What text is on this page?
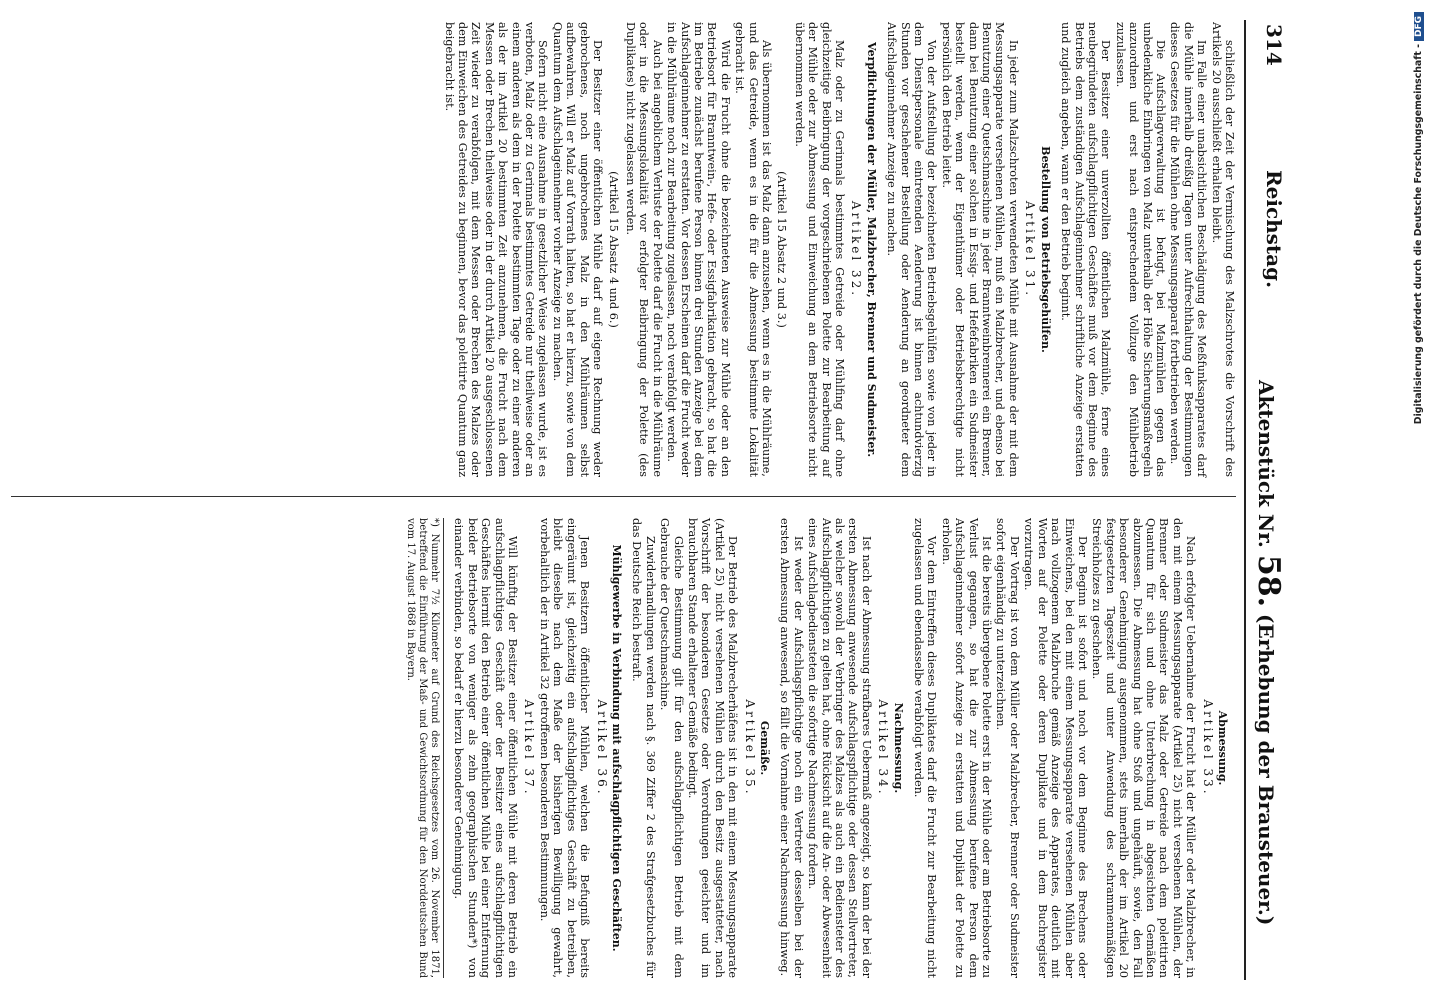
314
Reichstag.
Aktenstück Nr. 58. (Erhebung der Brausteuer.)

schließlich der Zeit der Vermischung des Malzschrotes die Vorschrift des Artikels 20 ausschließt erhalten bleibt.

Im Falle einer unabsichtlichen Beschädigung des Meßfunksapparates darf die Mühle innerhalb dreißig Tagen unter Aufrechthaltung der Bestimmungen dieses Gesetzes für die Mühlen ohne Messungsapparat fortbetrieben werden.

Die Aufschlagverwaltung ist befugt, bei Malzmühlen gegen das unbedenkliche Einbringen von Malz unterhalb der Höhe Sicherungsmaßregeln anzuordnen und erst nach entsprechendem Vollzuge den Mühlbetrieb zuzulassen.

Der Besitzer einer unverzollten öffentlichen Malzmühle, ferne eines neubegründeten aufschlagpflichtigen Geschäftes muß vor dem Beginne des Betriebs dem zuständigen Aufschlageinnehmer schriftliche Anzeige erstatten und zugleich angeben, wann er den Betrieb beginnt.

Bestellung von Betriebsgehülfen.
Artikel 31.

In jeder zum Malzschroten verwendeten Mühle mit Ausnahme der mit dem Messungsapparate versehenen Mühlen, muß ein Malzbrecher, und ebenso bei Benutzung einer Quetschmaschine in jeder Branntweinbrennerei ein Brenner, dann bei Benutzung einer solchen in Essig- und Hefefabriken ein Sudmeister bestellt werden, wenn der Eigenthümer oder Betriebsberechtigte nicht persönlich den Betrieb leitet.

Von der Aufstellung der bezeichneten Betriebsgehülfen sowie von jeder in dem Dienstpersonale eintretenden Aenderung ist binnen achtundvierzig Stunden vor geschehener Bestellung oder Aenderung an geordneter dem Aufschlageinnehmer Anzeige zu machen.

Verpflichtungen der Müller, Malzbrecher, Brenner und Sudmeister.
Artikel 32.

Malz oder zu Gerinnals bestimmtes Getreide oder Mühlfing darf ohne gleichzeitige Beibringung der vorgeschriebenen Polette zur Bearbeitung auf der Mühle oder zur Abmessung und Einweichung an dem Betriebsorte nicht übernommen werden.

(Artikel 15 Absatz 2 und 3.)

Als übernommen ist das Malz dann anzusehen, wenn es in die Mühlräume, und das Getreide, wenn es in die für die Abmessung bestimmte Lokalität gebracht ist.

Wird die Frucht ohne die bezeichneten Ausweise zur Mühle oder an den Betriebsort für Branntwein-, Hefe- oder Essigfabrikation gebracht, so hat die im Betriebe zunächst berufene Person binnen drei Stunden Anzeige bei dem Aufschlageinnehmer zu erstatten. Vor dessen Erscheinen darf die Frucht weder in die Mühlräume noch zur Bearbeitung zugelassen, noch verabfolgt werden.

Auch bei angeblichem Verluste der Polette darf die Frucht in die Mühlräume oder in die Messungslokalität vor erfolgter Beibringung der Polette (des Duplikates) nicht zugelassen werden.

(Artikel 15 Absatz 4 und 6.)

Der Besitzer einer öffentlichen Mühle darf auf eigene Rechnung weder gebrochenes, noch ungebrochenes Malz in den Mühlräumen selbst aufbewahren. Will er Malz auf Vorrath halten, so hat er hierzu, sowie von dem Quantum dem Aufschlageinnehmer vorher Anzeige zu machen.

Sofern nicht eine Ausnahme in gesetzlicher Weise zugelassen wurde, ist es verboten, Malz oder zu Gerinnals bestimmtes Getreide nur theilweise oder an einem anderen als dem in der Polette bestimmten Tage oder zu einer anderen als der im Artikel 20 bestimmten Zeit anzunehmen, die Frucht nach dem Messen oder Brechen theilweise oder in der durch Artikel 20 ausgeschlossenen Zeit wieder zu verabfolgen, mit dem Messen oder Brechen des Malzes oder dem Einweichen des Getreides zu beginnen, bevor das polettirte Quantum ganz beigebracht ist.

Abmessung.
Artikel 33.

Nach erfolgter Uebernahme der Frucht hat der Müller oder Malzbrecher, in den mit einem Messungsapparate (Artikel 25) nicht versehenen Mühlen, der Brenner oder Sudmeister das Malz oder Getreide nach dem polettirten Quantum für sich und ohne Unterbrechung in abgesichten Gemäßen abzumessen. Die Abmessung hat ohne Stoß und ungehäuft, sowie, den Fall besonderer Genehmigung ausgenommen, stets innerhalb der im Artikel 20 festgesetzten Tageszeit und unter Anwendung des schrammenmäßigen Streichholzes zu geschehen.

Der Beginn ist sofort und noch vor dem Beginne des Brechens oder Einweichens, bei den mit einem Messungsapparate versehenen Mühlen aber nach vollzogenem Malzbruche gemäß Anzeige des Apparates, deutlich mit Worten auf der Polette oder deren Duplikate und in dem Buchregister vorzutragen.

Der Vortrag ist von dem Müller oder Malzbrecher, Brenner oder Sudmeister sofort eigenhändig zu unterzeichnen.

Ist die bereits übergebene Polette erst in der Mühle oder am Betriebsorte zu Verlust gegangen, so hat die zur Abmessung berufene Person dem Aufschlageinnehmer sofort Anzeige zu erstatten und Duplikat der Polette zu erholen.

Vor dem Eintreffen dieses Duplikates darf die Frucht zur Bearbeitung nicht zugelassen und ebendasselbe verabfolgt werden.

Nachmessung.
Artikel 34.

Ist nach der Abmessung strafbares Uebermaß angezeigt, so kann der bei der ersten Abmessung anwesende Aufschlagspflichtige oder dessen Stellvertreter, als welcher sowohl der Verbringer des Malzes als auch ein Bediensteter des Aufschlagpflichtigen zu gelten hat, ohne Rücksicht auf die An- oder Abwesenheit eines Aufschlagbediensteten die sofortige Nachmessung fordern.

Ist weder der Aufschlagspflichtige noch ein Vertreter desselben bei der ersten Abmessung anwesend, so fällt die Vornahme einer Nachmessung hinweg.

Gemäße.
Artikel 35.

Der Betrieb des Malzbrecherhäfens ist in den mit einem Messungsapparate (Artikel 25) nicht versehenen Mühlen durch den Besitz ausgestatteter, nach Vorschrift der besonderen Gesetze oder Verordnungen geeichter und im brauchbaren Stande erhaltener Gemäße bedingt.

Gleiche Bestimmung gilt für den aufschlagpflichtigen Betrieb mit dem Gebrauche der Quetschmaschine.

Zuwiderhandlungen werden nach §. 369 Ziffer 2 des Strafgesetzbuches für das Deutsche Reich bestraft.

Mühlgewerbe in Verbindung mit aufschlagpflichtigen Geschäften.
Artikel 36.

Jenen Besitzern öffentlicher Mühlen, welchen die Befugniß bereits eingeräumt ist, gleichzeitig ein aufschlagpflichtiges Geschäft zu betreiben, bleibt dieselbe nach dem Maße der bisherigen Bewilligung gewahrt, vorbehaltlich der in Artikel 32 getroffenen besonderen Bestimmungen.

Artikel 37.

Will künftig der Besitzer einer öffentlichen Mühle mit deren Betrieb ein aufschlagpflichtiges Geschäft oder der Besitzer eines aufschlagpflichtigen Geschäftes hiermit den Betrieb einer öffentlichen Mühle bei einer Entfernung beider Betriebsorte von weniger als zehn geographischen Stunden*) von einander verbinden, so bedarf er hierzu besonderer Genehmigung.

*) Nunmehr 7½ Kilometer auf Grund des Reichsgesetzes vom 26. November 1871, betreffend die Einführung der Maß- und Gewichtsordnung für den Norddeutschen Bund vom 17. August 1868 in Bayern.
Digitalisierung gefördert durch die Deutsche Forschungsgemeinschaft -DFG
